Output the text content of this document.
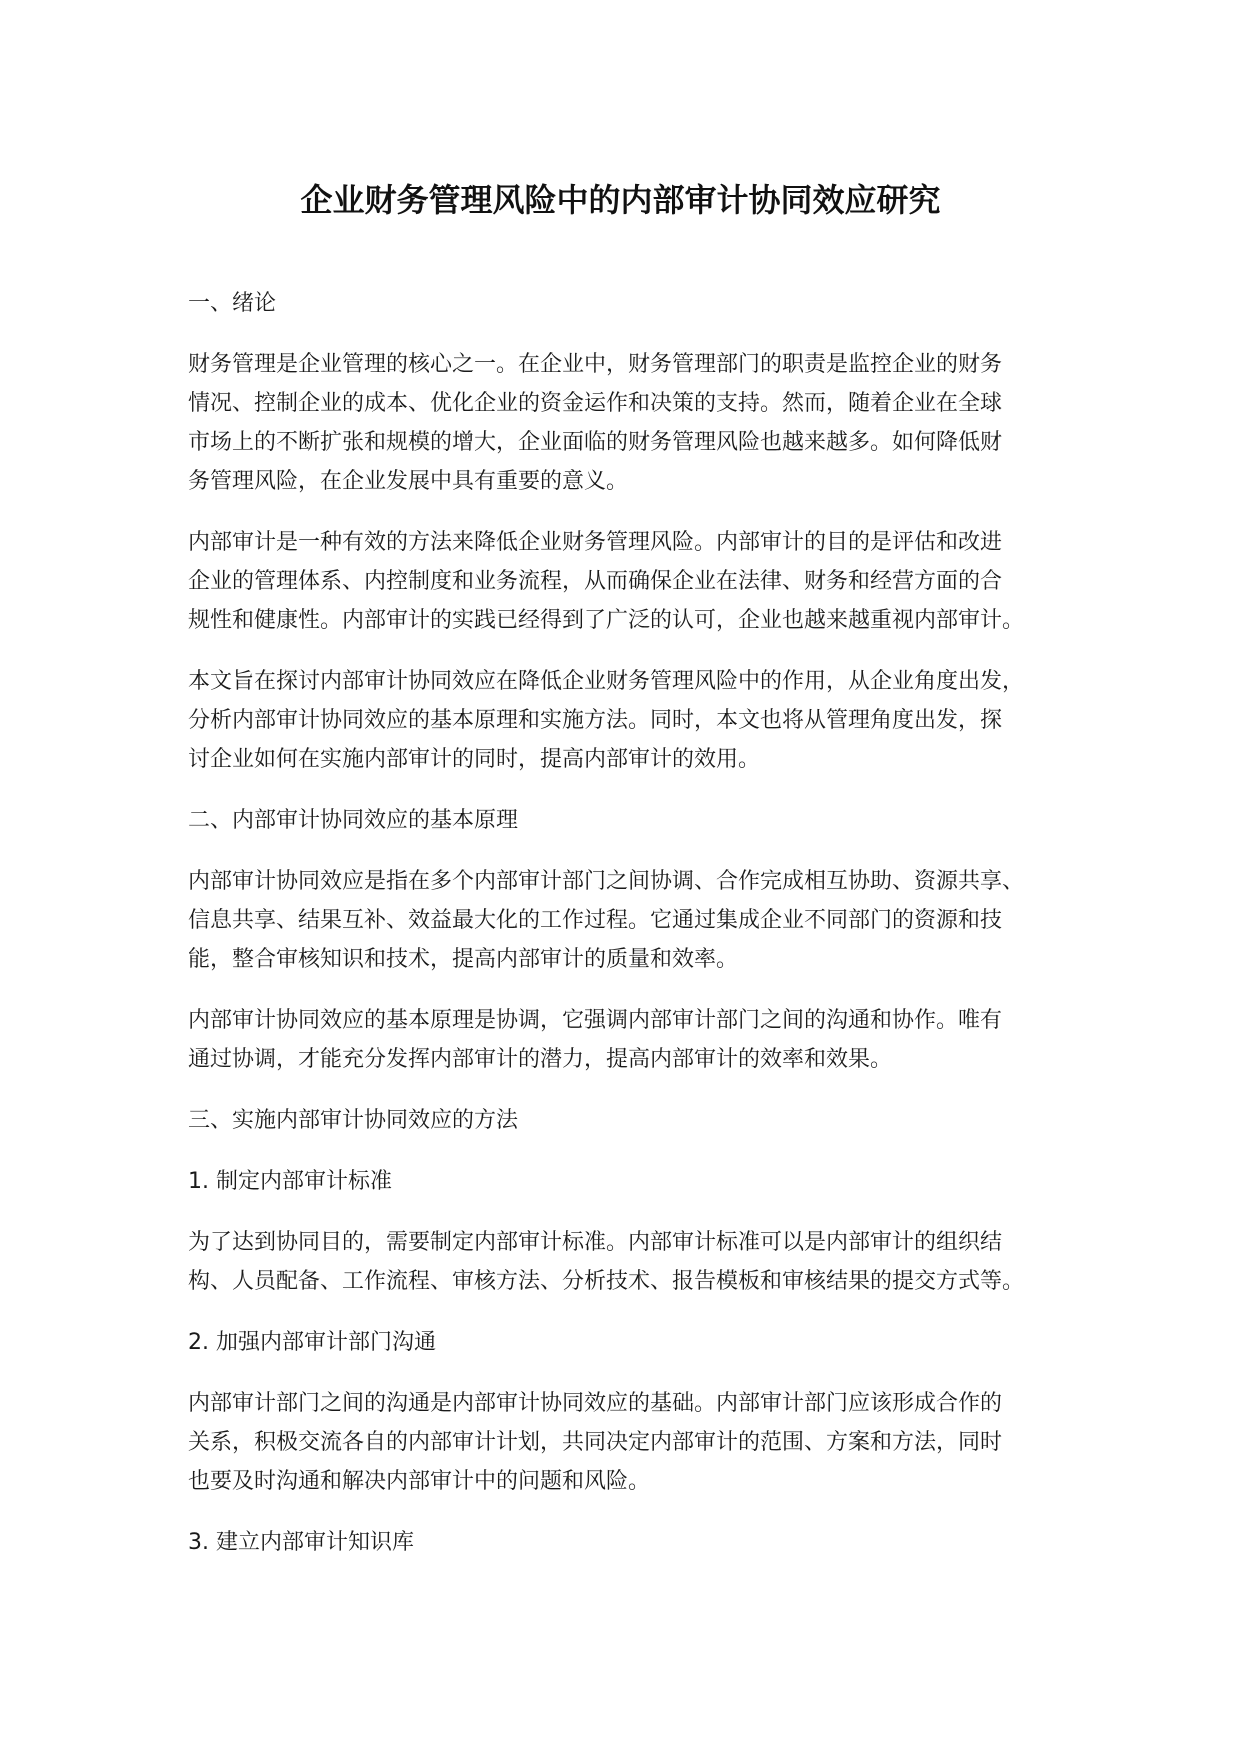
企业财务管理风险中的内部审计协同效应研究

一、绪论

财务管理是企业管理的核心之一。在企业中，财务管理部门的职责是监控企业的财务
情况、控制企业的成本、优化企业的资金运作和决策的支持。然而，随着企业在全球
市场上的不断扩张和规模的增大，企业面临的财务管理风险也越来越多。如何降低财
务管理风险，在企业发展中具有重要的意义。

内部审计是一种有效的方法来降低企业财务管理风险。内部审计的目的是评估和改进
企业的管理体系、内控制度和业务流程，从而确保企业在法律、财务和经营方面的合
规性和健康性。内部审计的实践已经得到了广泛的认可，企业也越来越重视内部审计。

本文旨在探讨内部审计协同效应在降低企业财务管理风险中的作用，从企业角度出发，
分析内部审计协同效应的基本原理和实施方法。同时，本文也将从管理角度出发，探
讨企业如何在实施内部审计的同时，提高内部审计的效用。

二、内部审计协同效应的基本原理

内部审计协同效应是指在多个内部审计部门之间协调、合作完成相互协助、资源共享、
信息共享、结果互补、效益最大化的工作过程。它通过集成企业不同部门的资源和技
能，整合审核知识和技术，提高内部审计的质量和效率。

内部审计协同效应的基本原理是协调，它强调内部审计部门之间的沟通和协作。唯有
通过协调，才能充分发挥内部审计的潜力，提高内部审计的效率和效果。

三、实施内部审计协同效应的方法

1. 制定内部审计标准

为了达到协同目的，需要制定内部审计标准。内部审计标准可以是内部审计的组织结
构、人员配备、工作流程、审核方法、分析技术、报告模板和审核结果的提交方式等。

2. 加强内部审计部门沟通

内部审计部门之间的沟通是内部审计协同效应的基础。内部审计部门应该形成合作的
关系，积极交流各自的内部审计计划，共同决定内部审计的范围、方案和方法，同时
也要及时沟通和解决内部审计中的问题和风险。

3. 建立内部审计知识库
